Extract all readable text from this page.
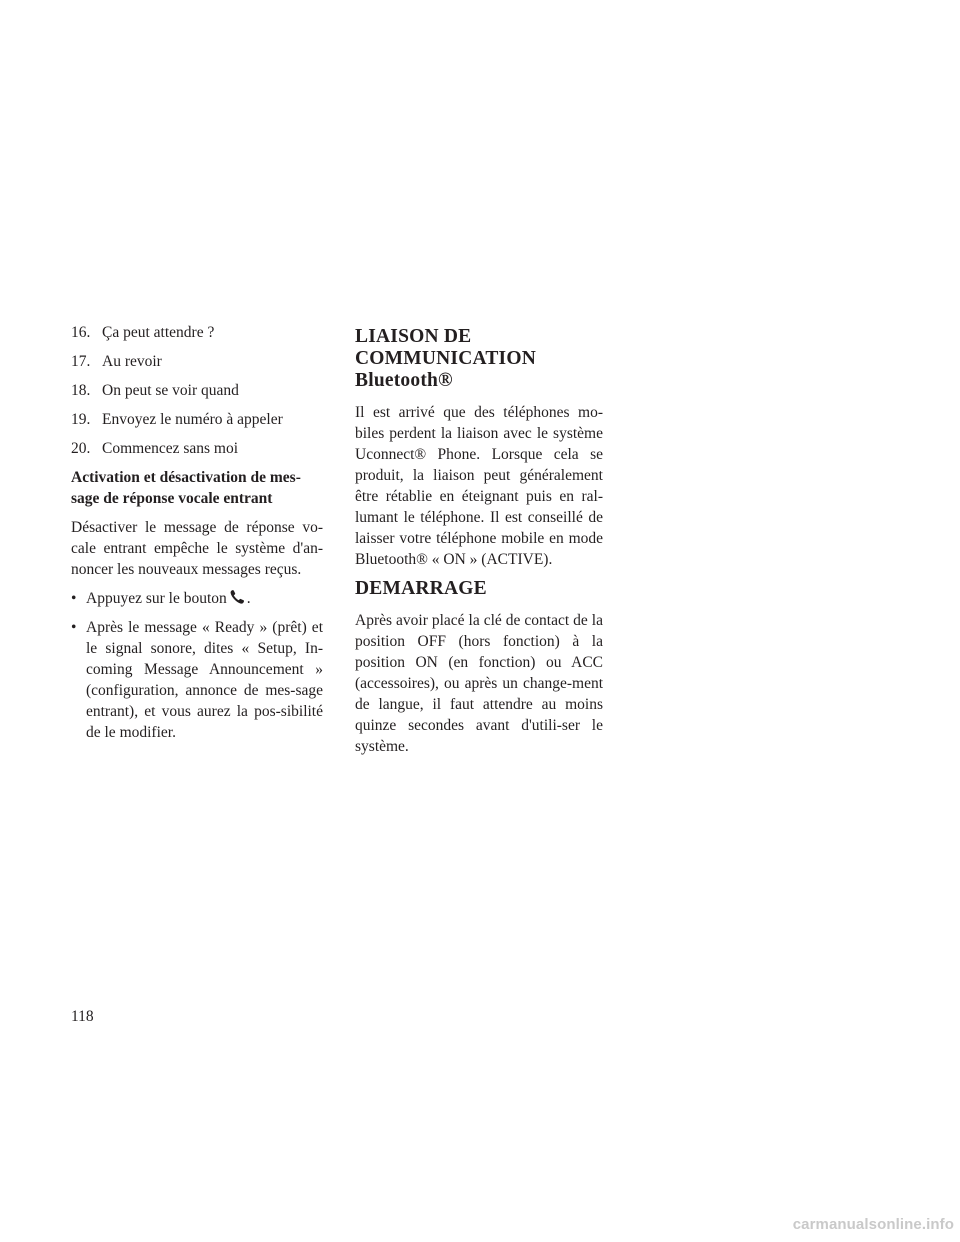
16. Ça peut attendre ?
17. Au revoir
18. On peut se voir quand
19. Envoyez le numéro à appeler
20. Commencez sans moi
Activation et désactivation de mes-
sage de réponse vocale entrant

Désactiver le message de réponse vo-cale entrant empêche le système d'an-noncer les nouveaux messages reçus.

• Appuyez sur le bouton .
• Après le message « Ready » (prêt) et le signal sonore, dites « Setup, In-coming Message Announcement » (configuration, annonce de mes-sage entrant), et vous aurez la pos-sibilité de le modifier.
LIAISON DE
COMMUNICATION
Bluetooth®

Il est arrivé que des téléphones mo-biles perdent la liaison avec le système Uconnect® Phone. Lorsque cela se produit, la liaison peut généralement être rétablie en éteignant puis en ral-lumant le téléphone. Il est conseillé de laisser votre téléphone mobile en mode Bluetooth® « ON » (ACTIVE).

DEMARRAGE

Après avoir placé la clé de contact de la position OFF (hors fonction) à la position ON (en fonction) ou ACC (accessoires), ou après un change-ment de langue, il faut attendre au moins quinze secondes avant d'utili-ser le système.

118
carmanualsonline.info
